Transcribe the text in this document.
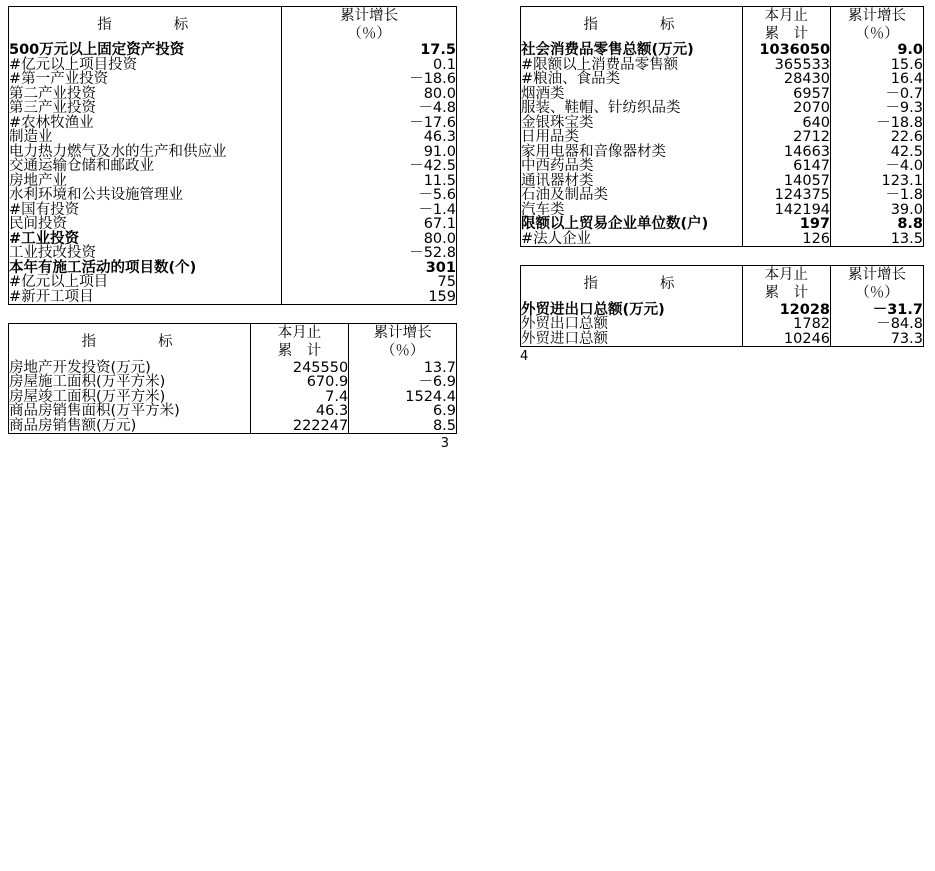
指　　　标	累计增长
（％）

500万元以上固定资产投资	17.5
#亿元以上项目投资	0.1
#第一产业投资	－18.6
第二产业投资	80.0
第三产业投资	－4.8
#农林牧渔业	－17.6
制造业	46.3
电力热力燃气及水的生产和供应业	91.0
交通运输仓储和邮政业	－42.5
房地产业	11.5
水利环境和公共设施管理业	－5.6
#国有投资	－1.4
民间投资	67.1
#工业投资	80.0
工业技改投资	－52.8
本年有施工活动的项目数(个)	301
#亿元以上项目	75
#新开工项目	159
指　　　标	
本月止
累　计

累计增长
（％）

房地产开发投资(万元)	245550	13.7
房屋施工面积(万平方米)	670.9	－6.9
房屋竣工面积(万平方米)	7.4	1524.4
商品房销售面积(万平方米)	46.3	6.9
商品房销售额(万元)	222247	8.5
3
指　　　标	
本月止
累　计

累计增长
（％）

社会消费品零售总额(万元)	1036050	9.0
#限额以上消费品零售额	365533	15.6
#粮油、食品类	28430	16.4
烟酒类	6957	－0.7
服装、鞋帽、针纺织品类	2070	－9.3
金银珠宝类	640	－18.8
日用品类	2712	22.6
家用电器和音像器材类	14663	42.5
中西药品类	6147	－4.0
通讯器材类	14057	123.1
石油及制品类	124375	－1.8
汽车类	142194	39.0
限额以上贸易企业单位数(户)	197	8.8
#法人企业	126	13.5
指　　　标	
本月止
累　计

累计增长
（％）

外贸进出口总额(万元)	12028	－31.7
外贸出口总额	1782	－84.8
外贸进口总额	10246	73.3
4
